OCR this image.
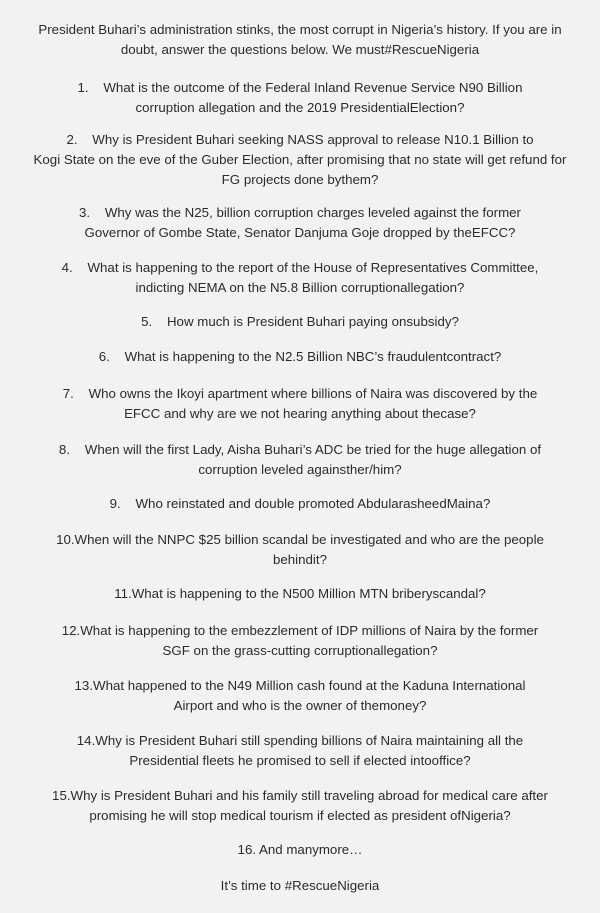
President Buhari’s administration stinks, the most corrupt in Nigeria’s history. If you are in
doubt, answer the questions below. We must#RescueNigeria

1.    What is the outcome of the Federal Inland Revenue Service N90 Billion
corruption allegation and the 2019 PresidentialElection?

2.    Why is President Buhari seeking NASS approval to release N10.1 Billion to
Kogi State on the eve of the Guber Election, after promising that no state will get refund for
FG projects done bythem?

3.    Why was the N25, billion corruption charges leveled against the former
Governor of Gombe State, Senator Danjuma Goje dropped by theEFCC?

4.    What is happening to the report of the House of Representatives Committee,
indicting NEMA on the N5.8 Billion corruptionallegation?

5.    How much is President Buhari paying onsubsidy?

6.    What is happening to the N2.5 Billion NBC’s fraudulentcontract?

7.    Who owns the Ikoyi apartment where billions of Naira was discovered by the
EFCC and why are we not hearing anything about thecase?

8.    When will the first Lady, Aisha Buhari’s ADC be tried for the huge allegation of
corruption leveled againsther/him?

9.    Who reinstated and double promoted AbdularasheedMaina?

10.When will the NNPC $25 billion scandal be investigated and who are the people
behindit?

11.What is happening to the N500 Million MTN briberyscandal?

12.What is happening to the embezzlement of IDP millions of Naira by the former
SGF on the grass-cutting corruptionallegation?

13.What happened to the N49 Million cash found at the Kaduna International
Airport and who is the owner of themoney?

14.Why is President Buhari still spending billions of Naira maintaining all the
Presidential fleets he promised to sell if elected intooffice?

15.Why is President Buhari and his family still traveling abroad for medical care after
promising he will stop medical tourism if elected as president ofNigeria?

16. And manymore…

It’s time to #RescueNigeria
